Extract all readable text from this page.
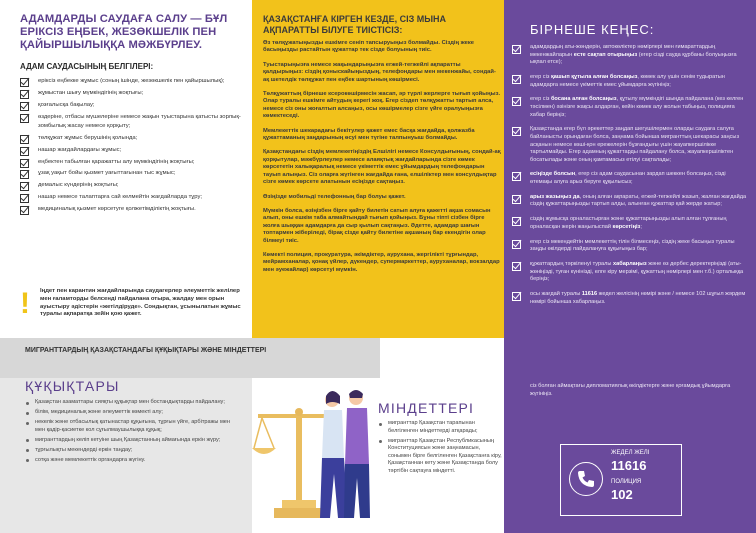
АДАМДАРДЫ САУДАҒА САЛУ — БҰЛ ЕРІКСІЗ ЕҢБЕК, ЖЕЗӨКШЕЛІК ПЕН ҚАЙЫРШЫЛЫҚҚА МӘЖБҮРЛЕУ.
АДАМ САУДАСЫНЫҢ БЕЛГІЛЕРІ:
еріксіз еңбекке жұмыс (соның ішінде, жезөкшелік пен қайыршылық);
жұмыстан шығу мүмкіндігінің жоқтығы;
қозғалысқа бақылау;
өздеріне, отбасы мүшелеріне немесе жақын туыстарына қатысты зорлық-зомбылық жасау немесе қорқыту;
төлқұжат жұмыс берушінің қолында;
нашар жағдайлардағы жұмыс;
еңбектен табылған қаражатты алу мүмкіндігінің жоқтығы;
ұзақ уақыт бойы қызмет уағыттағынан тыс жұмыс;
демалыс күндерінің жоқтығы;
нашар немесе талаптарға сай келмейтін жағдайларда тұру;
медициналық қызмет көрсетуге қолжетімділіктің жоқтығы.
!	Іңдет пен карантин жағдайларында саудагерлер әлеуметтік желілер мен ғаламторды белсенді пайдалана отыра, жалдау мен орын ауыстыру әдістерін «жетілдіруде». Сондықтан, ұсынылатын жұмыс туралы ақпаратқа зейін қою қажет.
МИГРАНТТАРДЫҢ ҚАЗАҚСТАНДАҒЫ ҚҰҚЫҚТАРЫ ЖӘНЕ МІНДЕТТЕРІ
ҚҰҚЫҚТАРЫ
Қазақстан азаматтары сияқты құқықтар мен бостандықтарды пайдалану;
білім, медициналық және әлеуметтік көмекті алу;
некелік және отбасылық қатынастар құқығына, тұрғын үйге, арбітражы мен мен қадір-қасиетке кол сұғылмаушылыққа құқық;
мигранттардың келіп кетуіне шың Қазақстанның аймағында еркін жүру;
тұрғылықты мекендерді еркін таңдау;
сотқа және мемлекеттік органдарға жүгіну.
ҚАЗАҚСТАНҒА КІРГЕН КЕЗДЕ, СІЗ МЫНА АҚПАРАТТЫ БІЛУГЕ ТИІСТІСІЗ:

Өз төлқұжатыңызды ешкімге сеніп тапсыруыңыз болмайды. Сіздің жеке басыңызды растайтын құжаттар тек сізде болуының тиіс.

Туыстарыңызға немесе жақындарыңызға егжей-тегжейлі ақпаратты қалдырыңыз: сіздің қоныскайыңыздың, телефондары мен мекенжайы, сондай-ақ шетелдік төлқұжат пен еңбек шартының көшірмесі.

Төлқұжаттың бірнеше ксерокөшірмесін жасап, әр түрлі жерлерге тығып қойыңыз. Олар туралы ешкімге айтудың керегі жоқ. Егер сіздеп төлқұжатты тартып алса, немесе сіз оны жоғалтып алсаңыз, осы көшірмелер сізге үйге оралуыңызға көмектеседі.

Мемлекеттік шекарадағы бекітулер қажет емес басқа жағдайда, қолжазба құжаттаманың заңдарының өсуі мен түгіне талпынуыш болмайды.

Қазақстандағы сіздің мемлекетіңіздің Елшілігі немесе Консулдығының, сондай-ақ қорқытулар, мәжбүрлеулер немесе алаяқтық жағдайларында сізге көмек көрсететін халықаралық немесе үкіметтік емес ұйымдардың телефондарын тауып алыңыз. Сіз оларға жүгінген жағдайда ғана, елшіліктер мен консулдықтар сізге көмек көрсете алатынын есіңізде сақтаңыз.

Өзіңізде мобильді телефонның бар болуы қажет.

Мүмкін болса, өзіңізбен бірге қайту билетін сатып алуға қажетті ақша сомасын алып, оны ешкім таба алмайтындай тығып қойыңыз. Бұны тіпті сізбен бірге жолға шыққан адамдарға да сыр қылып сақтаңыз. Әдетте, адамдар шағын топтармен жіберіледі, бірақ сізде қайту билетіне ақшаның бар екендігін олар білмеуі тиіс.

Көмекті полиция, прокуратура, әкімдіктер, аурухана, жергілікті тұрғындар, мейрамханалар, қонақ үйлер, дүкендер, супермаркеттер, ауруханалар, вокзалдар мен әуежайлар) көрсетуі мүмкін.

МІНДЕТТЕРІ
мигранттар Қазақстан тарапынан белгіленген міндеттерді атқарады;
мигранттар Қазақстан Республикасының Конституциясын және заңнамасын, сонымен бірге белгіленген Қазақстанға кіру, Қазақстаннан кету және Қазақстанда болу тәртібін сақтауға міндетті.
БІРНЕШЕ КЕҢЕС:
адамдардың аты-жөндерін, автокөліктер нөмірлері мен ғимараттардың мекенжайларын есте сақтап отырыңыз (егер сізді сауда құрбаны болуыңызға ықпал етсе);
егер сіз қашып құтыла алған болсаңыз, көмек алу үшін сенім тудыратын адамдарға немесе үкіметтік емес ұйымдарға жүгініңіз;
егер сіз босана алған болсаңыз, құтылу мүмкіндігі шыңда пайдалана (кез келген тәсілмен) әзінізге жақсы алдарған, кейін көмек алу жолын табыңыз, полицияға хабар беріңіз;
Қазақстанда егер бүл әрекеттер заңдап шегушілермен оларды саудаға салуға байланысты орындаған болса, заңнама бойынша мигранттың шекарасы заңсыз асқанын немесе көші-қон ережелерін бұзғандығы үшін жауапкершілікке тартылмайды. Егер адамның құжаттарды пайдалану болса, жауапкершіліктен босатылады және оның қамтамасыз етілуі сақталады;
есіңізде болсын, егер сіз адам саудасынан зардап шеккен болсаңыз, сізді өтемақы алуға арыз беруге құқылысыз;
арыз жазыңыз да, оның алған ақпараты, егжей-тегжейлі жазып, жалған жағдайда сіздің құжаттарыңызды тартып алды, алынған құжаттар қай жерде жатыр;
сіздің жұмысқа орналастырған және құжаттарыңызды алып алған тұлғаның орналасқан жерін жаңылыспай көрсетіңіз;
егер сіз мекендейтін мемлекеттің тілін білмесеңіз, сіздің жеке басыңыз туралы заңды өкілдерді пайдалануға құқығыңыз бар;
құжаттардың тәркіленуі туралы хабарлаңыз және өз дербес деректеріңізді (аты-жөніңізді, туған күнінізді, елге кіру мерзімі, құжаттың нөмірлері мен т.б.) орталыққа беріңіз;
осы жағдай туралы 11616 жедел желісінің нөмірі және / немесе 102 шұғыл жәрдем нөмірі бойынша хабарлаңыз.
сіз болған аймақтағы дипломатиялық өкілдіктерге және қоғамдық ұйымдарға жүгініңіз.
ЖЕДЕЛ ЖЕЛІ
11616
ПОЛИЦИЯ
102
